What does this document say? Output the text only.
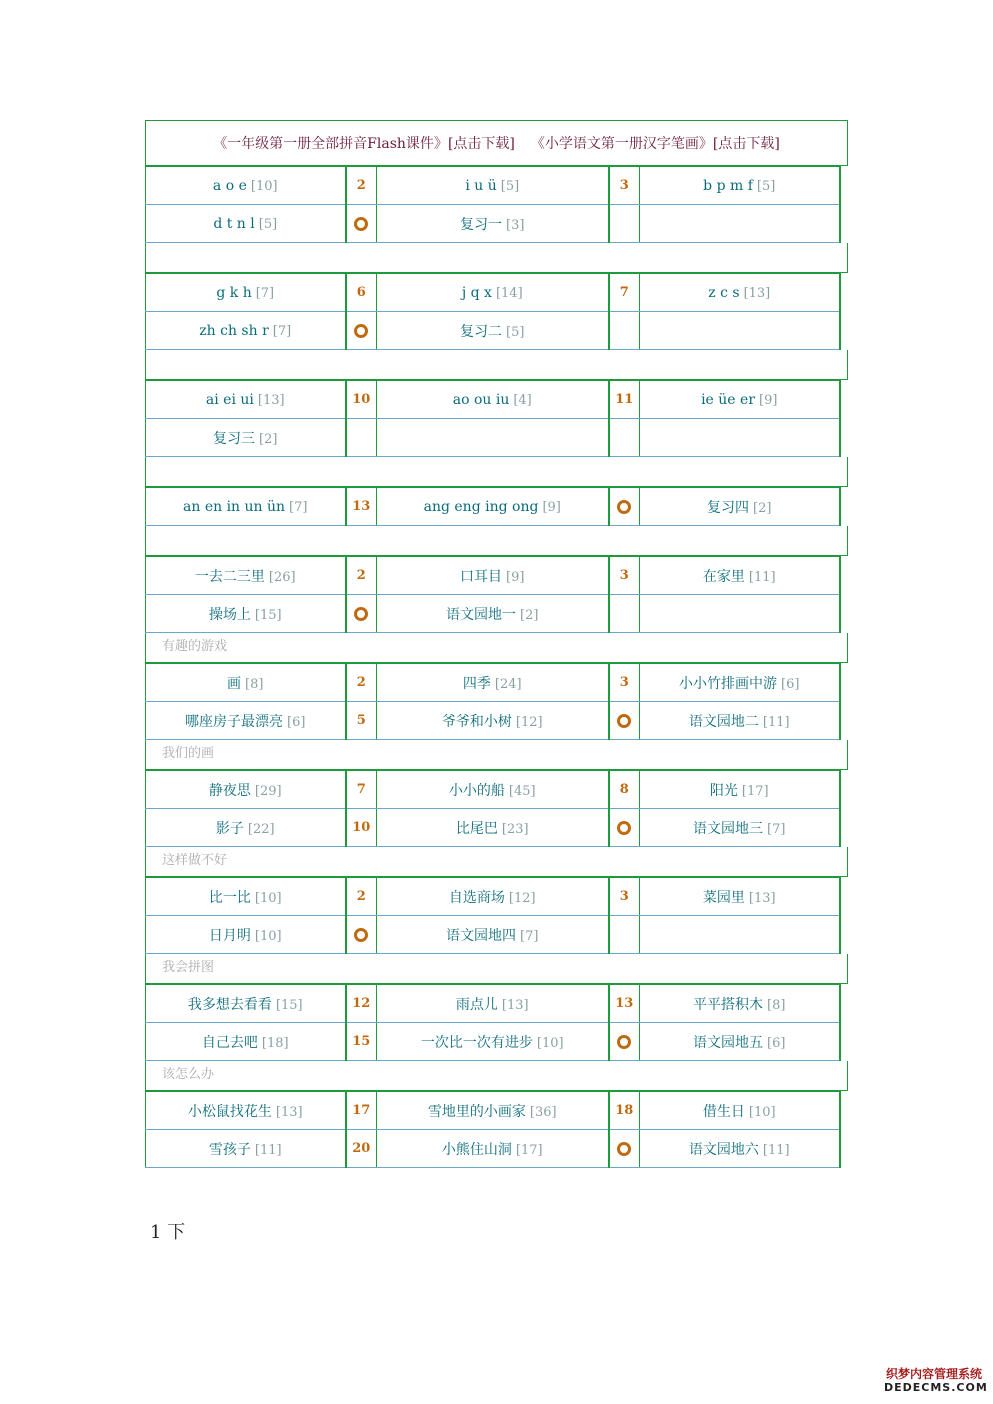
《一年级第一册全部拼音Flash课件》[点击下载] 《小学语文第一册汉字笔画》[点击下载]
a o e [10]	2	i u ü [5]	3	b p m f [5]
d t n l [5]		复习一 [3]		
g k h [7]	6	j q x [14]	7	z c s [13]
zh ch sh r [7]		复习二 [5]		
ai ei ui [13]	10	ao ou iu [4]	11	ie üe er [9]
复习三 [2]				
an en in un ün [7]	13	ang eng ing ong [9]		复习四 [2]
一去二三里 [26]	2	口耳目 [9]	3	在家里 [11]
操场上 [15]		语文园地一 [2]		
有趣的游戏
画 [8]	2	四季 [24]	3	小小竹排画中游 [6]
哪座房子最漂亮 [6]	5	爷爷和小树 [12]		语文园地二 [11]
我们的画
静夜思 [29]	7	小小的船 [45]	8	阳光 [17]
影子 [22]	10	比尾巴 [23]		语文园地三 [7]
这样做不好
比一比 [10]	2	自选商场 [12]	3	菜园里 [13]
日月明 [10]		语文园地四 [7]		
我会拼图
我多想去看看 [15]	12	雨点儿 [13]	13	平平搭积木 [8]
自己去吧 [18]	15	一次比一次有进步 [10]		语文园地五 [6]
该怎么办
小松鼠找花生 [13]	17	雪地里的小画家 [36]	18	借生日 [10]
雪孩子 [11]	20	小熊住山洞 [17]		语文园地六 [11]
1 下
织梦内容管理系统
DEDECMS.COM
